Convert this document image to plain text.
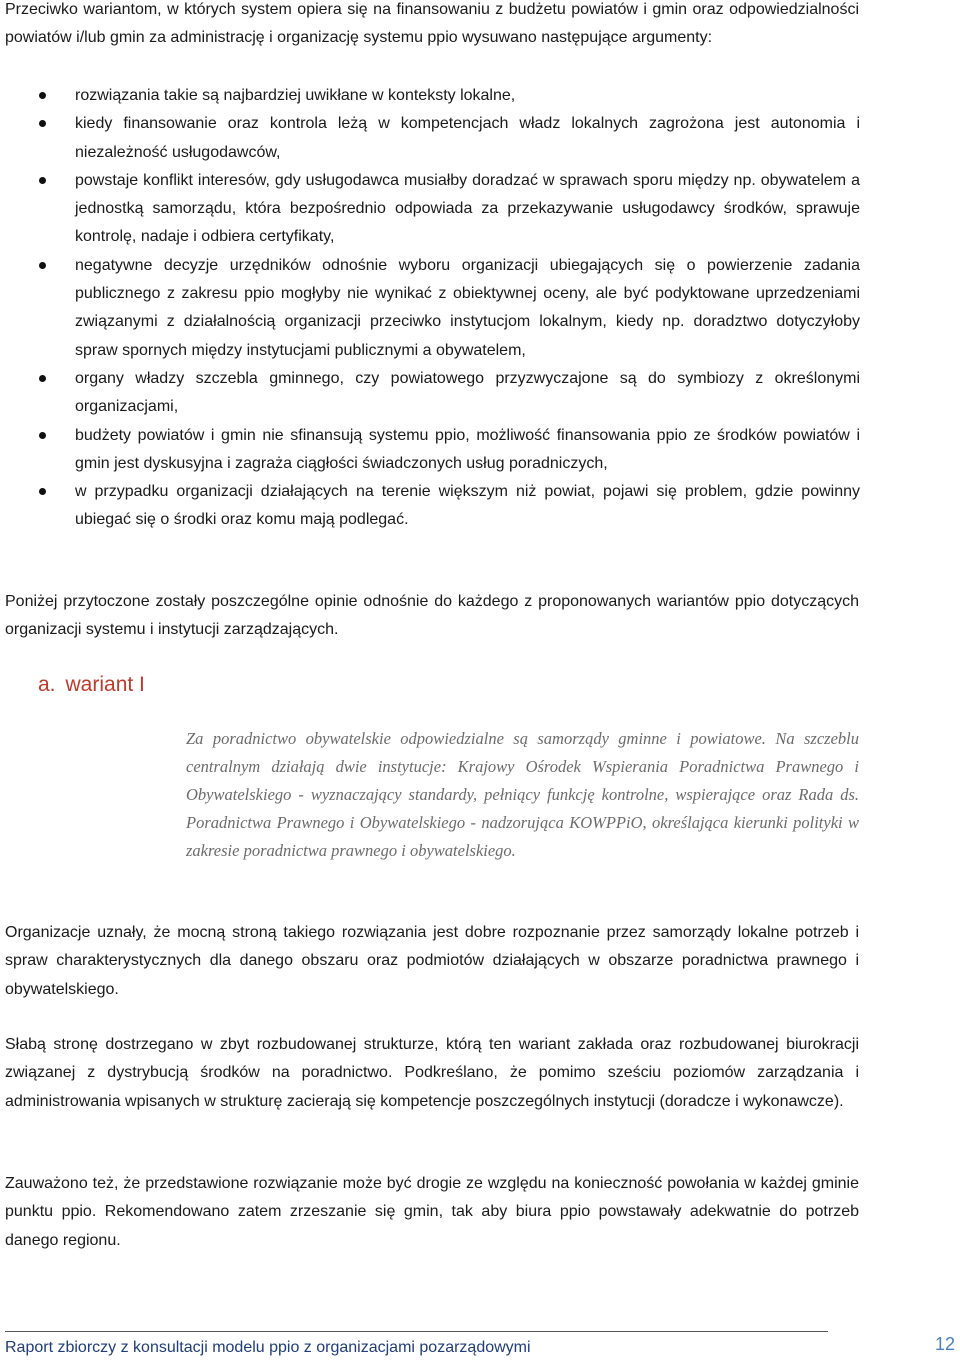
Przeciwko wariantom, w których system opiera się na finansowaniu z budżetu powiatów i gmin oraz odpowiedzialności powiatów i/lub gmin za administrację i organizację systemu ppio wysuwano następujące argumenty:

rozwiązania takie są najbardziej uwikłane w konteksty lokalne,
kiedy finansowanie oraz kontrola leżą w kompetencjach władz lokalnych zagrożona jest autonomia i niezależność usługodawców,
powstaje konflikt interesów, gdy usługodawca musiałby doradzać w sprawach sporu między np. obywatelem a jednostką samorządu, która bezpośrednio odpowiada za przekazywanie usługodawcy środków, sprawuje kontrolę, nadaje i odbiera certyfikaty,
negatywne decyzje urzędników odnośnie wyboru organizacji ubiegających się o powierzenie zadania publicznego z zakresu ppio mogłyby nie wynikać z obiektywnej oceny, ale być podyktowane uprzedzeniami związanymi z działalnością organizacji przeciwko instytucjom lokalnym, kiedy np. doradztwo dotyczyłoby spraw spornych między instytucjami publicznymi a obywatelem,
organy władzy szczebla gminnego, czy powiatowego przyzwyczajone są do symbiozy z określonymi organizacjami,
budżety powiatów i gmin nie sfinansują systemu ppio, możliwość finansowania ppio ze środków powiatów i gmin jest dyskusyjna i zagraża ciągłości świadczonych usług poradniczych,
w przypadku organizacji działających na terenie większym niż powiat, pojawi się problem, gdzie powinny ubiegać się o środki oraz komu mają podlegać.

Poniżej przytoczone zostały poszczególne opinie odnośnie do każdego z proponowanych wariantów ppio dotyczących organizacji systemu i instytucji zarządzających.

a. wariant I

Za poradnictwo obywatelskie odpowiedzialne są samorządy gminne i powiatowe. Na szczeblu centralnym działają dwie instytucje: Krajowy Ośrodek Wspierania Poradnictwa Prawnego i Obywatelskiego - wyznaczający standardy, pełniący funkcję kontrolne, wspierające oraz Rada ds. Poradnictwa Prawnego i Obywatelskiego - nadzorująca KOWPPiO, określająca kierunki polityki w zakresie poradnictwa prawnego i obywatelskiego.

Organizacje uznały, że mocną stroną takiego rozwiązania jest dobre rozpoznanie przez samorządy lokalne potrzeb i spraw charakterystycznych dla danego obszaru oraz podmiotów działających w obszarze poradnictwa prawnego i obywatelskiego.

Słabą stronę dostrzegano w zbyt rozbudowanej strukturze, którą ten wariant zakłada oraz rozbudowanej biurokracji związanej z dystrybucją środków na poradnictwo. Podkreślano, że pomimo sześciu poziomów zarządzania i administrowania wpisanych w strukturę zacierają się kompetencje poszczególnych instytucji (doradcze i wykonawcze).

Zauważono też, że przedstawione rozwiązanie może być drogie ze względu na konieczność powołania w każdej gminie punktu ppio. Rekomendowano zatem zrzeszanie się gmin, tak aby biura ppio powstawały adekwatnie do potrzeb danego regionu.

Raport zbiorczy z konsultacji modelu ppio z organizacjami pozarządowymi	12
